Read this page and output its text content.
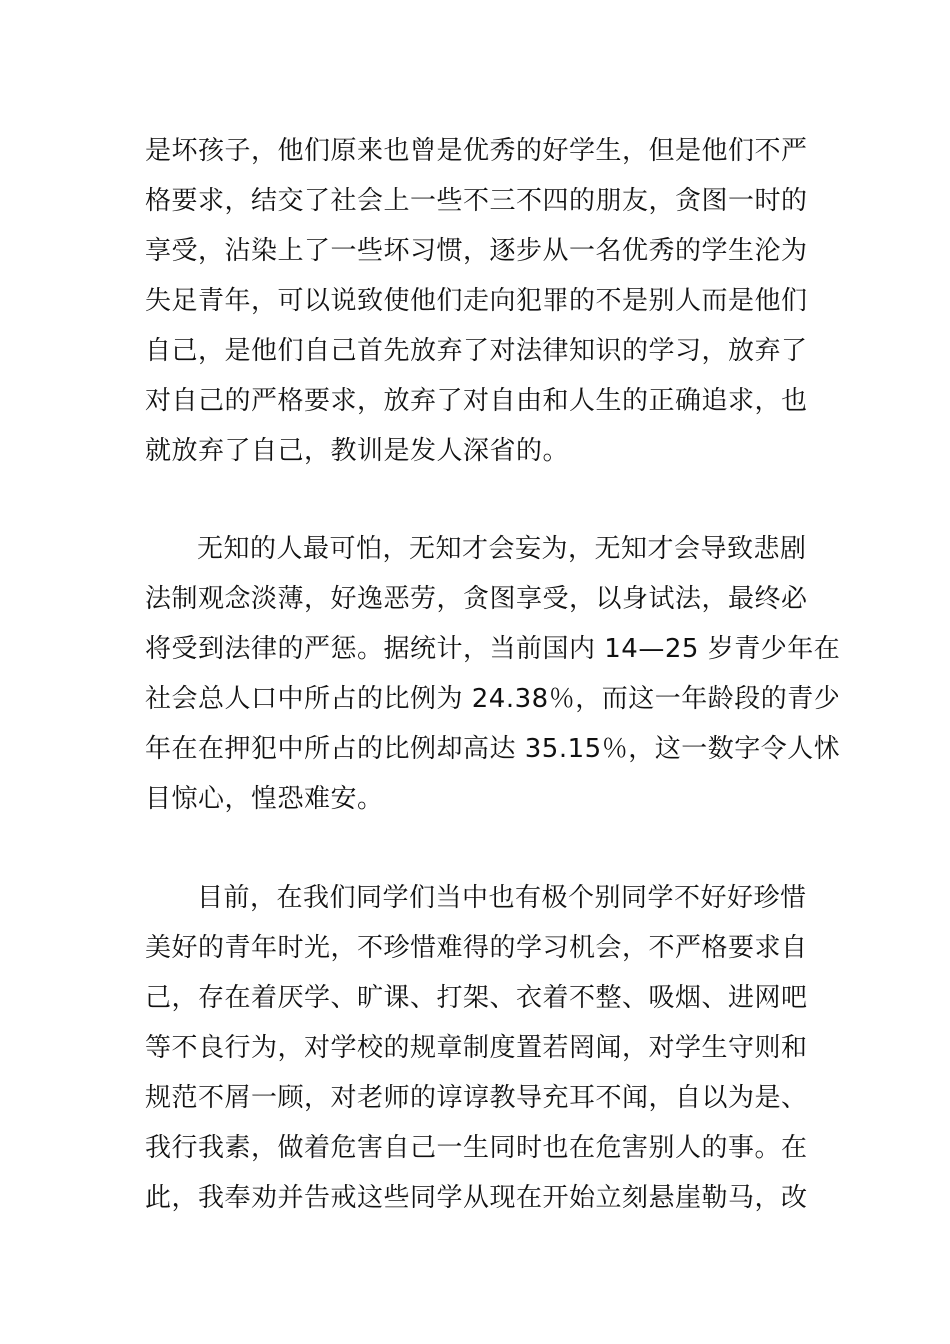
是坏孩子，他们原来也曾是优秀的好学生，但是他们不严
格要求，结交了社会上一些不三不四的朋友，贪图一时的
享受，沾染上了一些坏习惯，逐步从一名优秀的学生沦为
失足青年，可以说致使他们走向犯罪的不是别人而是他们
自己，是他们自己首先放弃了对法律知识的学习，放弃了
对自己的严格要求，放弃了对自由和人生的正确追求，也
就放弃了自己，教训是发人深省的。
无知的人最可怕，无知才会妄为，无知才会导致悲剧
法制观念淡薄，好逸恶劳，贪图享受，以身试法，最终必
将受到法律的严惩。据统计，当前国内 14—25 岁青少年在
社会总人口中所占的比例为 24.38％，而这一年龄段的青少
年在在押犯中所占的比例却高达 35.15％，这一数字令人怵
目惊心，惶恐难安。
目前，在我们同学们当中也有极个别同学不好好珍惜
美好的青年时光，不珍惜难得的学习机会，不严格要求自
己，存在着厌学、旷课、打架、衣着不整、吸烟、进网吧
等不良行为，对学校的规章制度置若罔闻，对学生守则和
规范不屑一顾，对老师的谆谆教导充耳不闻，自以为是、
我行我素，做着危害自己一生同时也在危害别人的事。在
此，我奉劝并告戒这些同学从现在开始立刻悬崖勒马，改
